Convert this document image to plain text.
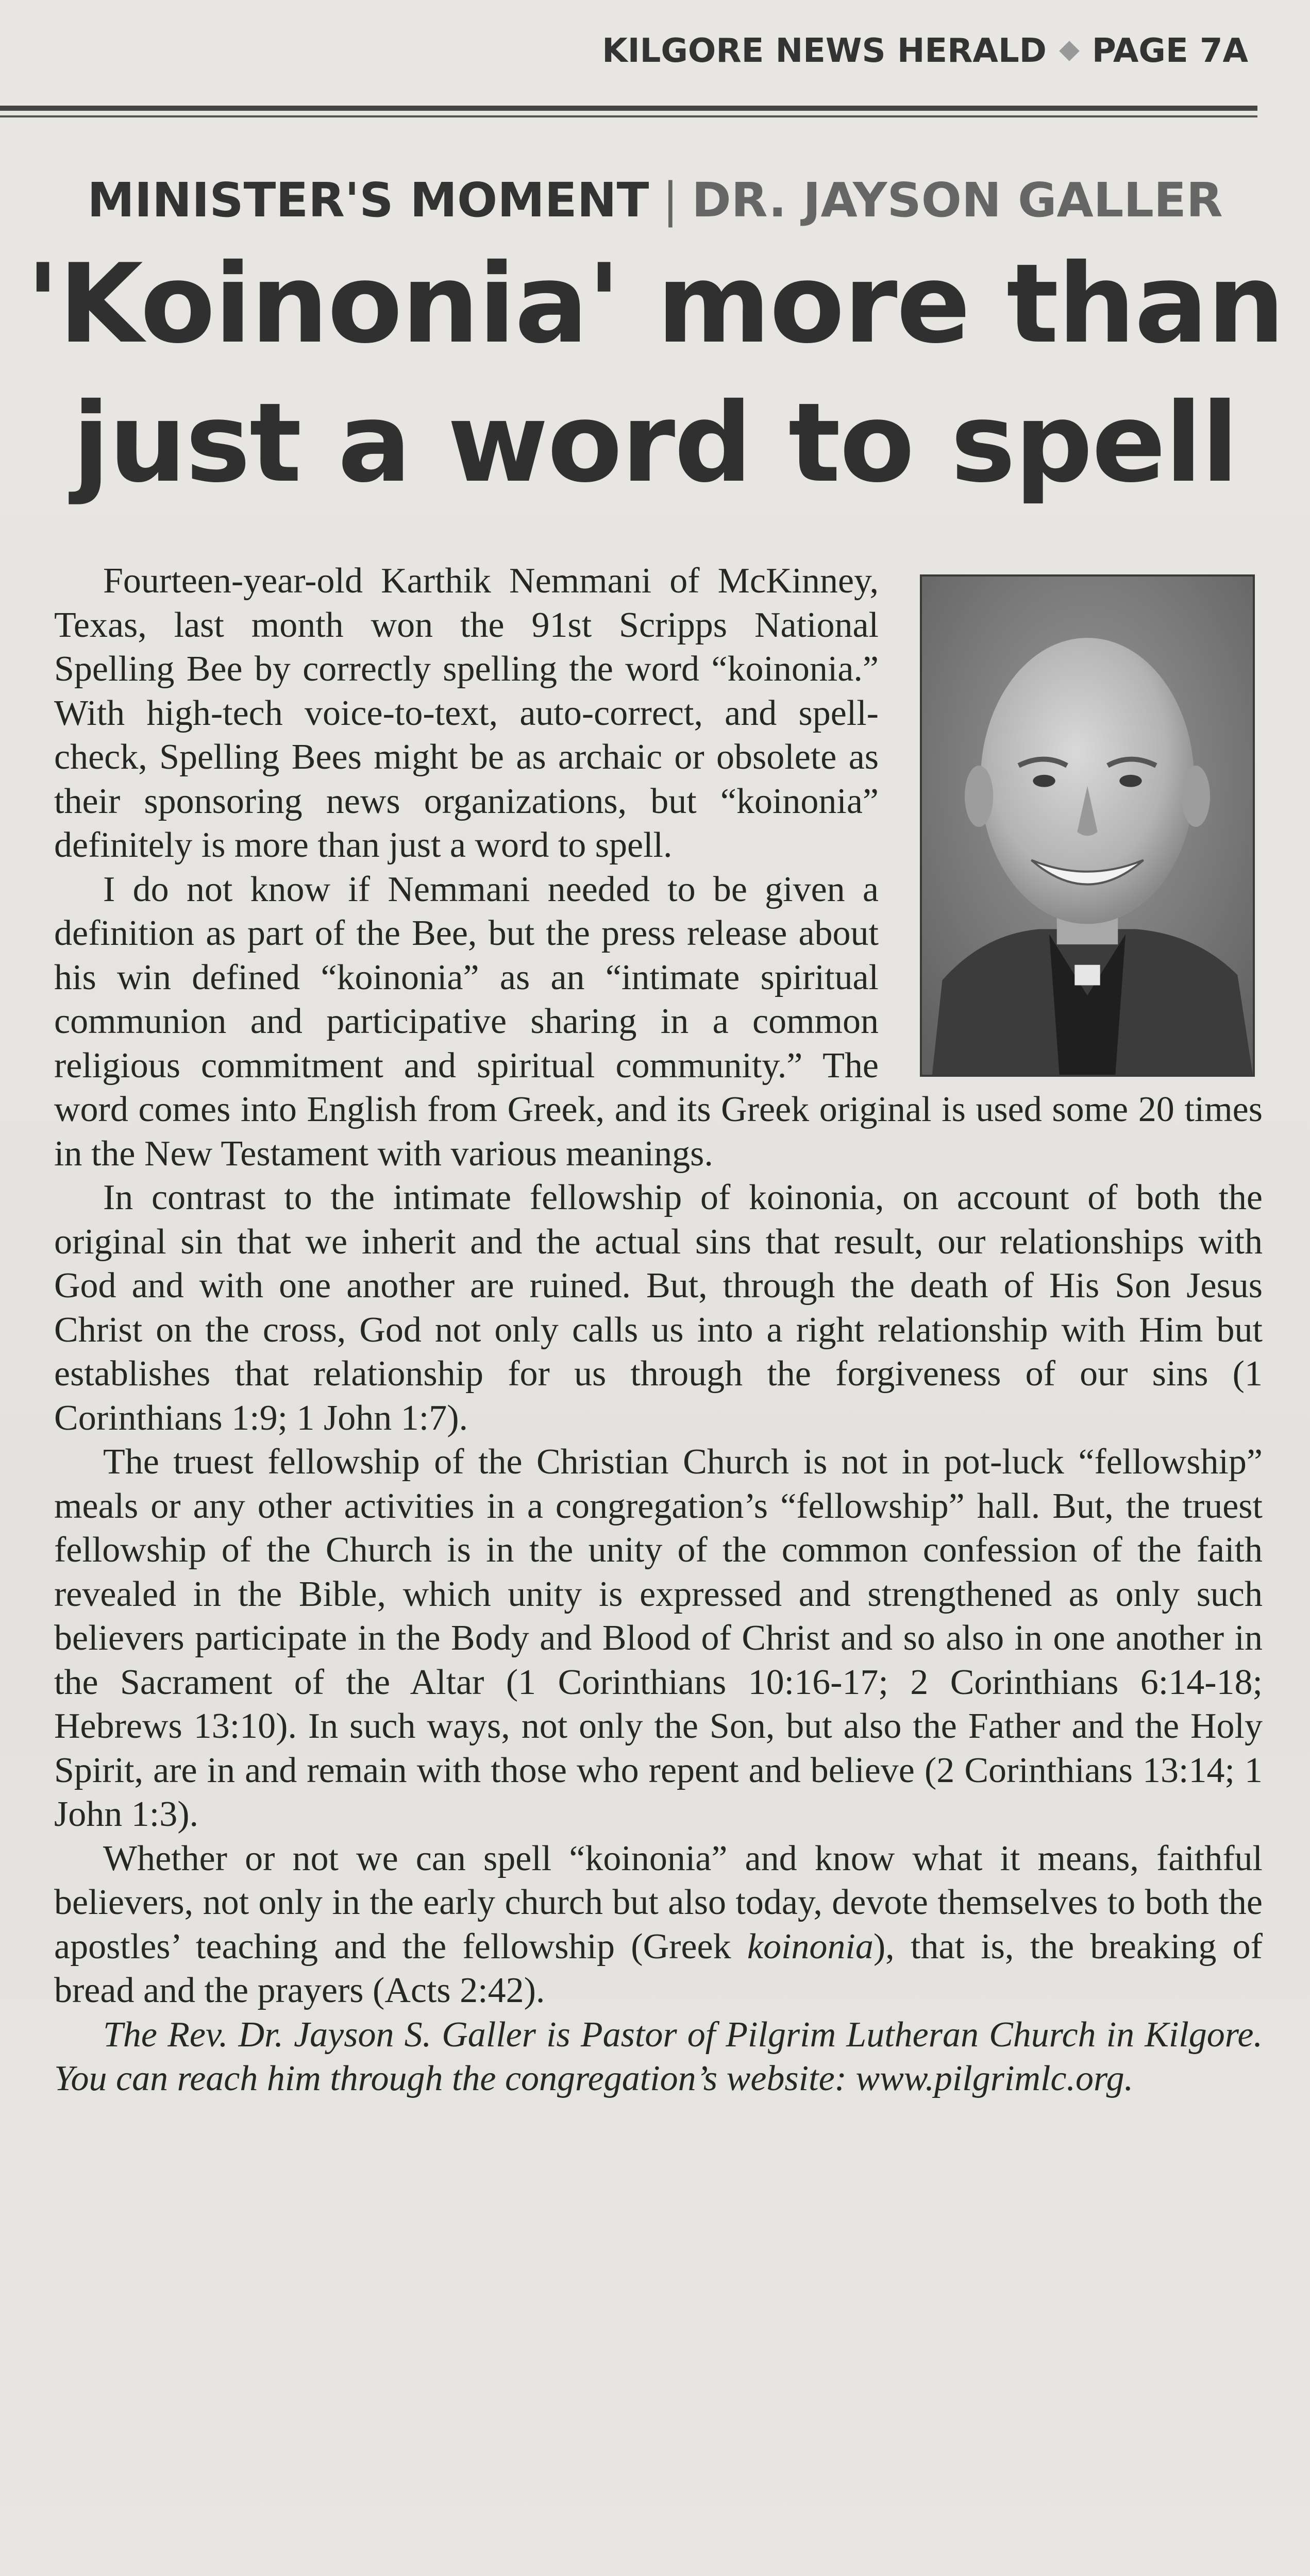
KILGORE NEWS HERALD PAGE 7A
MINISTER'S MOMENT | DR. JAYSON GALLER
'Koinonia' more than
just a word to spell

Fourteen-year-old Karthik Nemmani of McKinney, Texas, last month won the 91st Scripps National Spelling Bee by correctly spelling the word “koinonia.” With high-tech voice-to-text, auto-correct, and spell-check, Spelling Bees might be as archaic or obsolete as their sponsoring news organizations, but “koinonia” definitely is more than just a word to spell.

I do not know if Nemmani needed to be given a definition as part of the Bee, but the press release about his win defined “koinonia” as an “intimate spiritual communion and participative sharing in a common religious commitment and spiritual community.” The word comes into English from Greek, and its Greek original is used some 20 times in the New Testament with various meanings.

In contrast to the intimate fellowship of koinonia, on account of both the original sin that we inherit and the actual sins that result, our relationships with God and with one another are ruined. But, through the death of His Son Jesus Christ on the cross, God not only calls us into a right relationship with Him but establishes that relationship for us through the forgiveness of our sins (1 Corinthians 1:9; 1 John 1:7).

The truest fellowship of the Christian Church is not in pot-luck “fellowship” meals or any other activities in a congregation’s “fellowship” hall. But, the truest fellowship of the Church is in the unity of the common confession of the faith revealed in the Bible, which unity is expressed and strengthened as only such believers participate in the Body and Blood of Christ and so also in one another in the Sacrament of the Altar (1 Corinthians 10:16-17; 2 Corinthians 6:14-18; Hebrews 13:10). In such ways, not only the Son, but also the Father and the Holy Spirit, are in and remain with those who repent and believe (2 Corinthians 13:14; 1 John 1:3).

Whether or not we can spell “koinonia” and know what it means, faithful believers, not only in the early church but also today, devote themselves to both the apostles’ teaching and the fellowship (Greek koinonia), that is, the breaking of bread and the prayers (Acts 2:42).

The Rev. Dr. Jayson S. Galler is Pastor of Pilgrim Lutheran Church in Kilgore. You can reach him through the congregation’s website: www.pilgrimlc.org.
